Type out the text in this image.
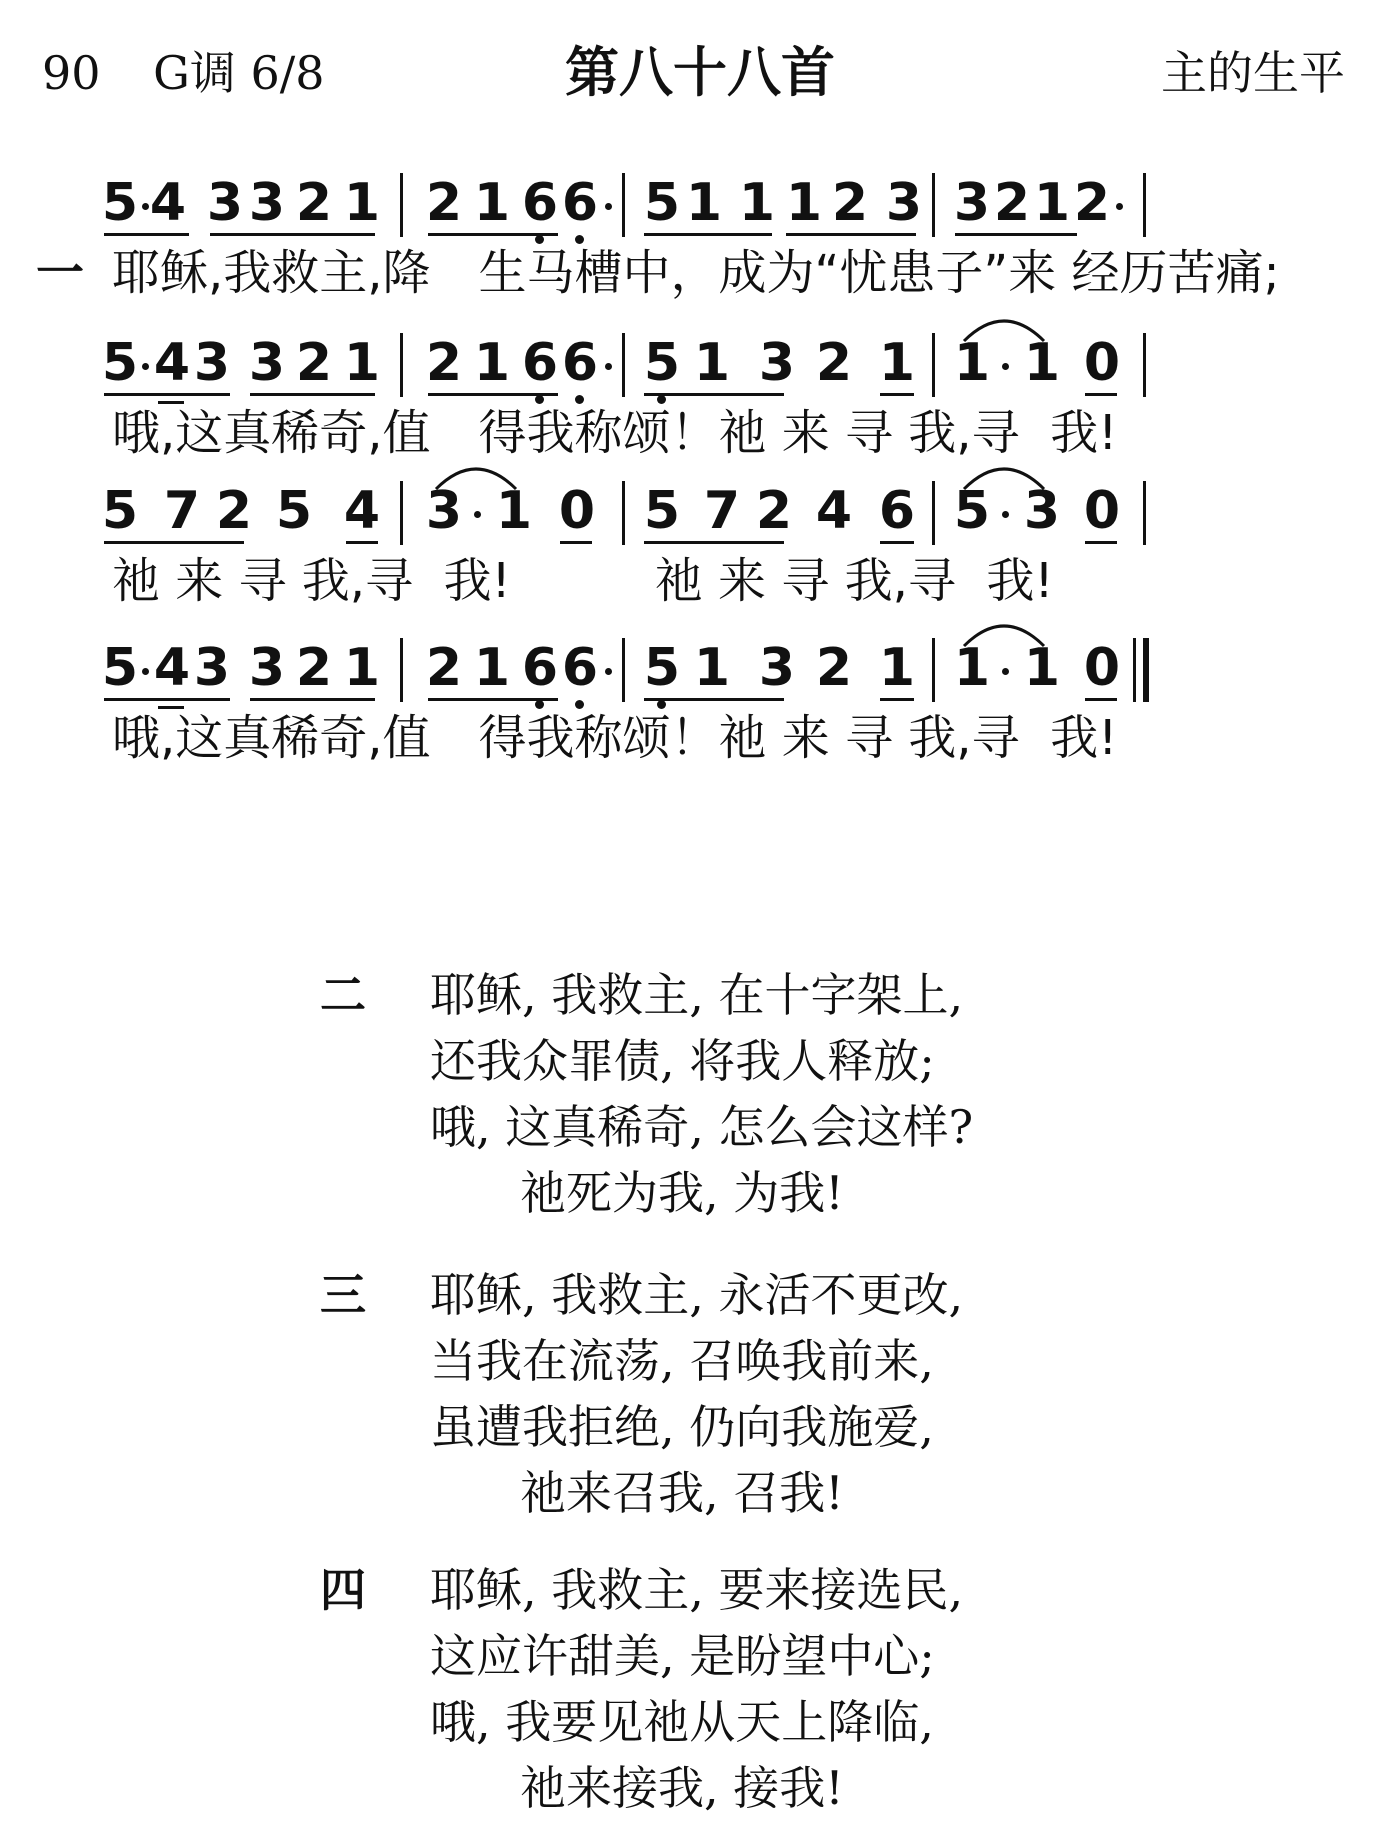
90 G调 6/8	第八十八首	主的生平
5 4 3 3 2 1 2 1 6 6 5 1 1 1 2 3 3 2 1 2
一 耶稣,我救主,降　生马槽中，成为“忧患子”来 经历苦痛;
5 4 3 3 2 1 2 1 6 6 5 1 3 2 1 1 1 0
哦,这真稀奇,值　得我称颂！祂 来 寻 我,寻  我!
5 7 2 5 4 3 1 0 5 7 2 4 6 5 3 0
祂 来 寻 我,寻  我!　　　祂 来 寻 我,寻  我!
5 4 3 3 2 1 2 1 6 6 5 1 3 2 1 1 1 0
哦,这真稀奇,值　得我称颂！祂 来 寻 我,寻  我!
二 耶稣, 我救主, 在十字架上,
还我众罪债, 将我人释放;
哦, 这真稀奇, 怎么会这样?
祂死为我, 为我!
三 耶稣, 我救主, 永活不更改,
当我在流荡, 召唤我前来,
虽遭我拒绝, 仍向我施爱,
祂来召我, 召我!
四 耶稣, 我救主, 要来接选民,
这应许甜美, 是盼望中心;
哦, 我要见祂从天上降临,
祂来接我, 接我!
